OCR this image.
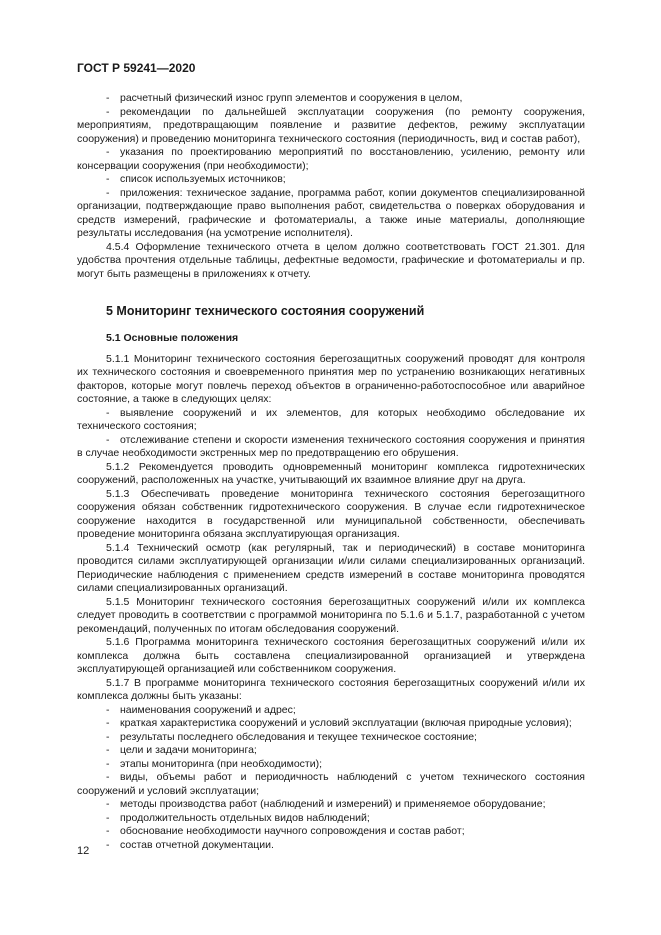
ГОСТ Р 59241—2020

- расчетный физический износ групп элементов и сооружения в целом,

- рекомендации по дальнейшей эксплуатации сооружения (по ремонту сооружения, мероприятиям, предотвращающим появление и развитие дефектов, режиму эксплуатации сооружения) и проведению мониторинга технического состояния (периодичность, вид и состав работ),

- указания по проектированию мероприятий по восстановлению, усилению, ремонту или консервации сооружения (при необходимости);

- список используемых источников;

- приложения: техническое задание, программа работ, копии документов специализированной организации, подтверждающие право выполнения работ, свидетельства о поверках оборудования и средств измерений, графические и фотоматериалы, а также иные материалы, дополняющие результаты исследования (на усмотрение исполнителя).

4.5.4 Оформление технического отчета в целом должно соответствовать ГОСТ 21.301. Для удобства прочтения отдельные таблицы, дефектные ведомости, графические и фотоматериалы и пр. могут быть размещены в приложениях к отчету.

5 Мониторинг технического состояния сооружений
5.1 Основные положения

5.1.1 Мониторинг технического состояния берегозащитных сооружений проводят для контроля их технического состояния и своевременного принятия мер по устранению возникающих негативных факторов, которые могут повлечь переход объектов в ограниченно-работоспособное или аварийное состояние, а также в следующих целях:

- выявление сооружений и их элементов, для которых необходимо обследование их технического состояния;

- отслеживание степени и скорости изменения технического состояния сооружения и принятия в случае необходимости экстренных мер по предотвращению его обрушения.

5.1.2 Рекомендуется проводить одновременный мониторинг комплекса гидротехнических сооружений, расположенных на участке, учитывающий их взаимное влияние друг на друга.

5.1.3 Обеспечивать проведение мониторинга технического состояния берегозащитного сооружения обязан собственник гидротехнического сооружения. В случае если гидротехническое сооружение находится в государственной или муниципальной собственности, обеспечивать проведение мониторинга обязана эксплуатирующая организация.

5.1.4 Технический осмотр (как регулярный, так и периодический) в составе мониторинга проводится силами эксплуатирующей организации и/или силами специализированных организаций. Периодические наблюдения с применением средств измерений в составе мониторинга проводятся силами специализированных организаций.

5.1.5 Мониторинг технического состояния берегозащитных сооружений и/или их комплекса следует проводить в соответствии с программой мониторинга по 5.1.6 и 5.1.7, разработанной с учетом рекомендаций, полученных по итогам обследования сооружений.

5.1.6 Программа мониторинга технического состояния берегозащитных сооружений и/или их комплекса должна быть составлена специализированной организацией и утверждена эксплуатирующей организацией или собственником сооружения.

5.1.7 В программе мониторинга технического состояния берегозащитных сооружений и/или их комплекса должны быть указаны:

- наименования сооружений и адрес;

- краткая характеристика сооружений и условий эксплуатации (включая природные условия);

- результаты последнего обследования и текущее техническое состояние;

- цели и задачи мониторинга;

- этапы мониторинга (при необходимости);

- виды, объемы работ и периодичность наблюдений с учетом технического состояния сооружений и условий эксплуатации;

- методы производства работ (наблюдений и измерений) и применяемое оборудование;

- продолжительность отдельных видов наблюдений;

- обоснование необходимости научного сопровождения и состав работ;

- состав отчетной документации.

12
